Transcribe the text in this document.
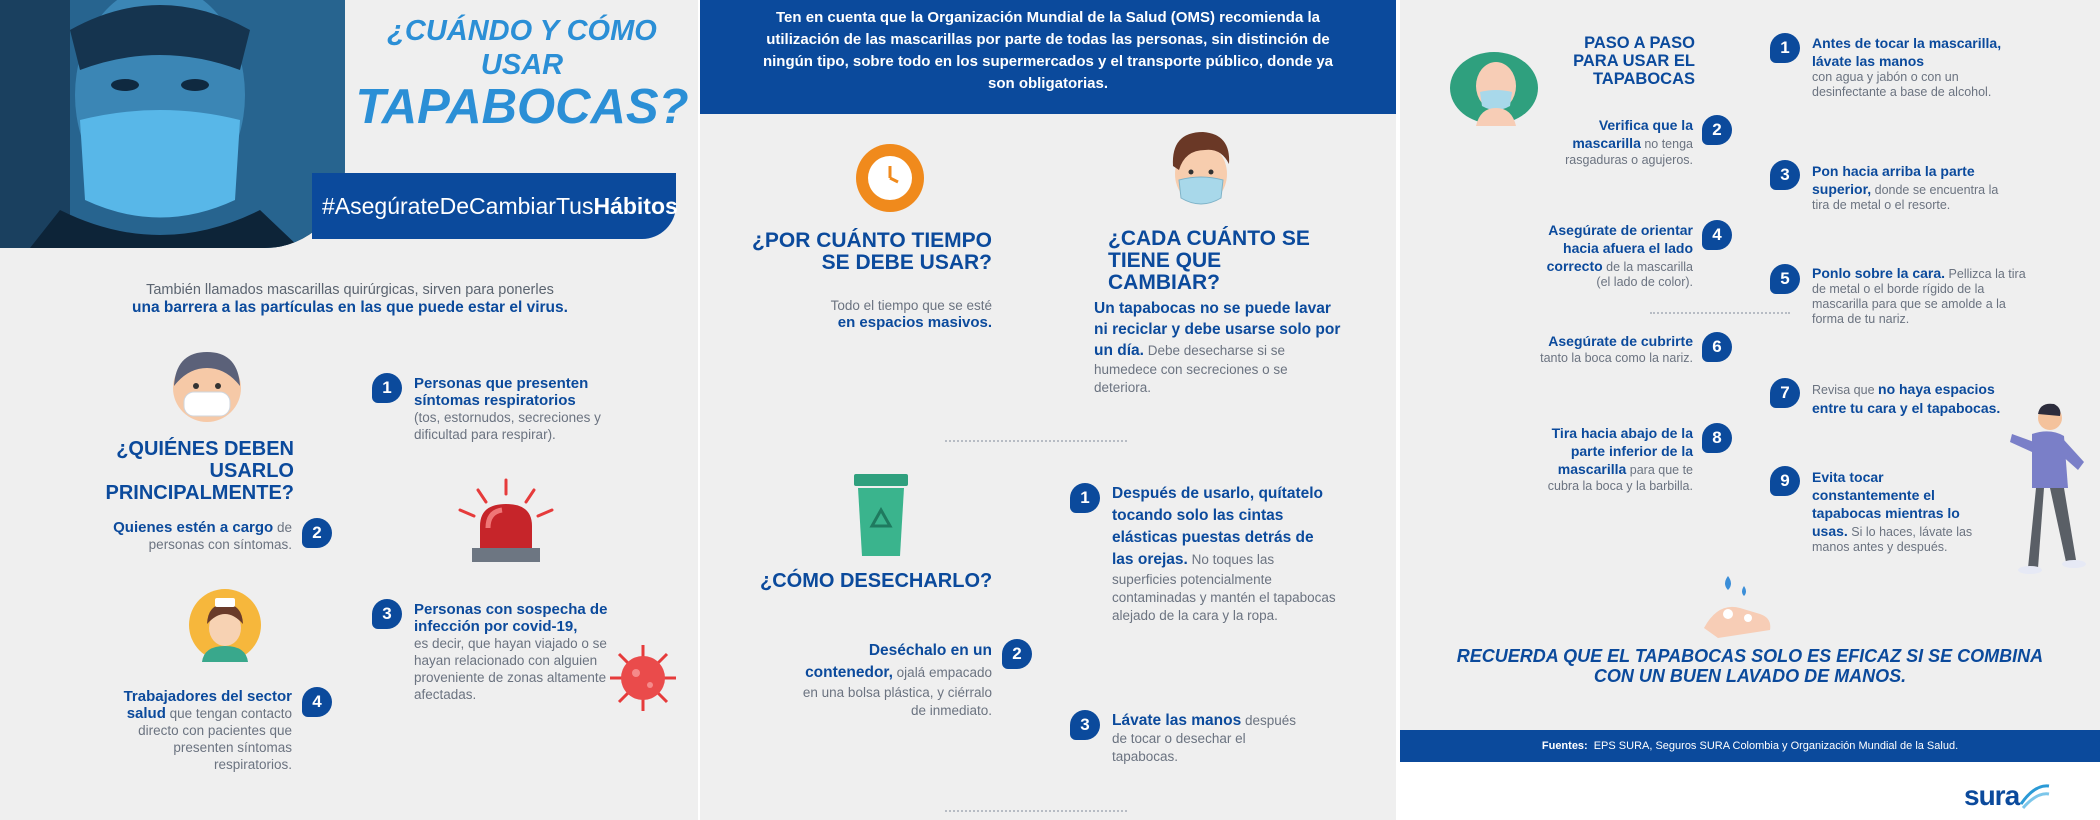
¿CUÁNDO Y CÓMO USAR
TAPABOCAS?
#AsegúrateDeCambiarTus Hábitos
También llamados mascarillas quirúrgicas, sirven para ponerles
una barrera a las partículas en las que puede estar el virus.
¿QUIÉNES DEBEN USARLO PRINCIPALMENTE?
1 Personas que presenten síntomas respiratorios
(tos, estornudos, secreciones y dificultad para respirar).
Quienes estén a cargo de personas con síntomas.
2
3 Personas con sospecha de infección por covid-19,
es decir, que hayan viajado o se hayan relacionado con alguien proveniente de zonas altamente afectadas.
Trabajadores del sector salud que tengan contacto directo con pacientes que presenten síntomas respiratorios.
4
Ten en cuenta que la Organización Mundial de la Salud (OMS) recomienda la utilización de las mascarillas por parte de todas las personas, sin distinción de ningún tipo, sobre todo en los supermercados y el transporte público, donde ya son obligatorias.
¿POR CUÁNTO TIEMPO SE DEBE USAR?
Todo el tiempo que se esté
en espacios masivos.
¿CADA CUÁNTO SE TIENE QUE CAMBIAR?
Un tapabocas no se puede lavar ni reciclar y debe usarse solo por un día. Debe desecharse si se humedece con secreciones o se deteriora.
¿CÓMO DESECHARLO?
1 Después de usarlo, quítatelo tocando solo las cintas elásticas puestas detrás de las orejas. No toques las superficies potencialmente contaminadas y mantén el tapabocas alejado de la cara y la ropa.
Deséchalo en un contenedor, ojalá empacado en una bolsa plástica, y ciérralo de inmediato.
2
3 Lávate las manos después de tocar o desechar el tapabocas.
PASO A PASO PARA USAR EL TAPABOCAS
1 Antes de tocar la mascarilla, lávate las manos
con agua y jabón o con un desinfectante a base de alcohol.
Verifica que la mascarilla no tenga rasgaduras o agujeros.
2
3 Pon hacia arriba la parte superior, donde se encuentra la tira de metal o el resorte.
Asegúrate de orientar hacia afuera el lado correcto de la mascarilla (el lado de color).
4
5 Ponlo sobre la cara. Pellizca la tira de metal o el borde rígido de la mascarilla para que se amolde a la forma de tu nariz.
Asegúrate de cubrirte tanto la boca como la nariz.
6
7 Revisa que no haya espacios entre tu cara y el tapabocas.
Tira hacia abajo de la parte inferior de la mascarilla para que te cubra la boca y la barbilla.
8
9 Evita tocar constantemente el tapabocas mientras lo usas. Si lo haces, lávate las manos antes y después.
RECUERDA QUE EL TAPABOCAS SOLO ES EFICAZ SI SE COMBINA CON UN BUEN LAVADO DE MANOS.
Fuentes: EPS SURA, Seguros SURA Colombia y Organización Mundial de la Salud.
sura
